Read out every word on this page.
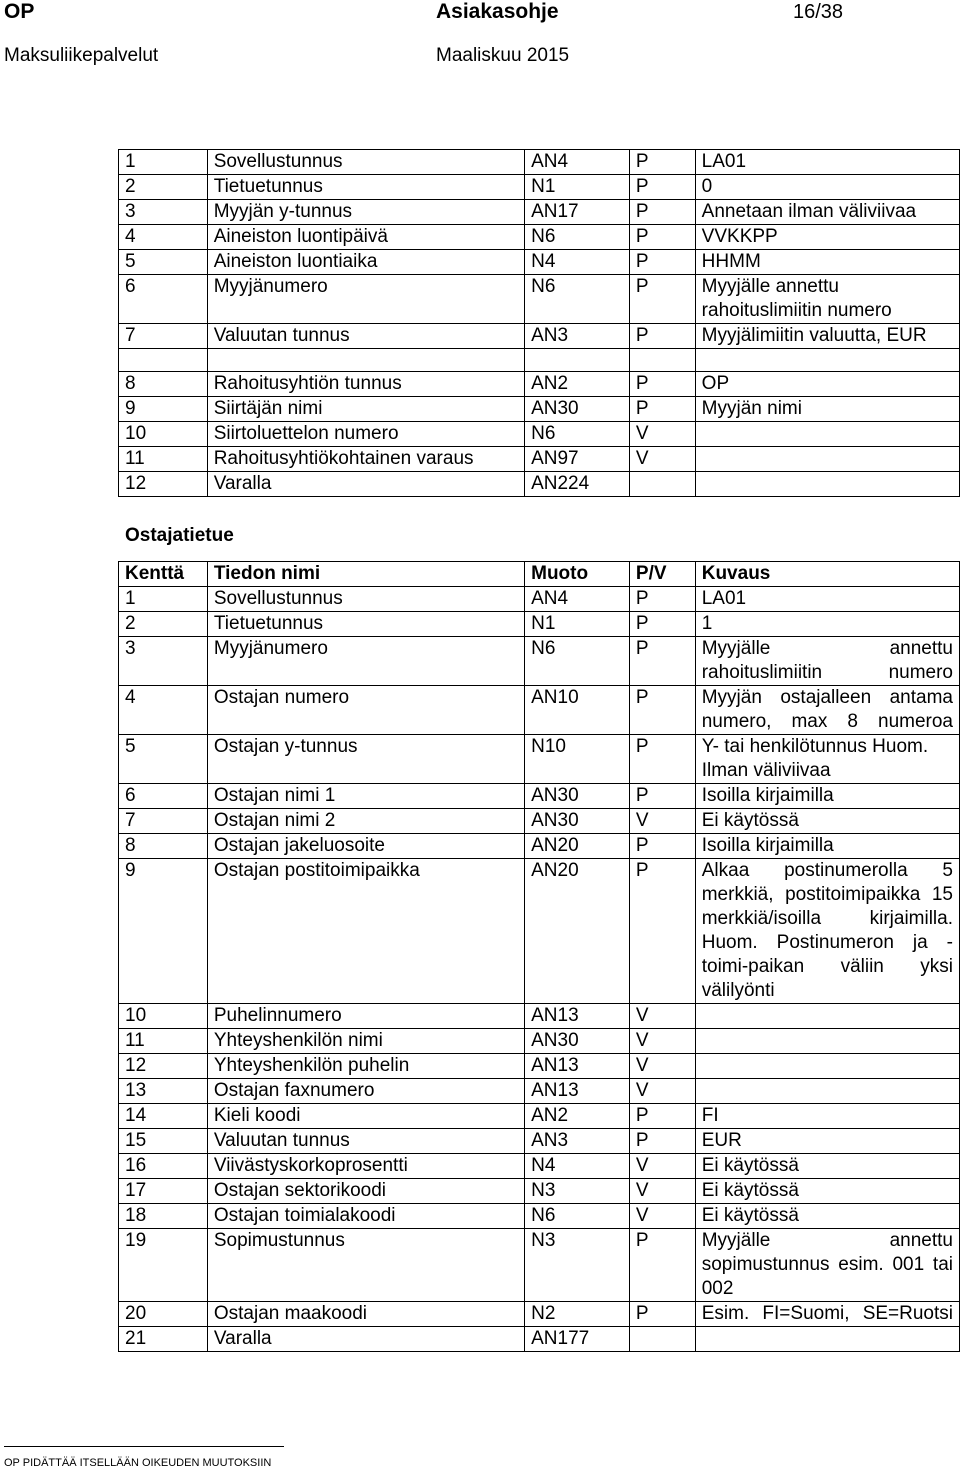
OP	Asiakasohje	16/38
Maksuliikepalvelut	Maaliskuu 2015
1	Sovellustunnus	AN4	P	LA01
2	Tietuetunnus	N1	P	0
3	Myyjän y-tunnus	AN17	P	Annetaan ilman väliviivaa
4	Aineiston luontipäivä	N6	P	VVKKPP
5	Aineiston luontiaika	N4	P	HHMM
6	Myyjänumero	N6	P	Myyjälle annettu rahoituslimiitin numero
7	Valuutan tunnus	AN3	P	Myyjälimiitin valuutta, EUR

8	Rahoitusyhtiön tunnus	AN2	P	OP
9	Siirtäjän nimi	AN30	P	Myyjän nimi
10	Siirtoluettelon numero	N6	V	
11	Rahoitusyhtiökohtainen varaus	AN97	V	
12	Varalla	AN224		
Ostajatietue
Kenttä	Tiedon nimi	Muoto	P/V	Kuvaus
1	Sovellustunnus	AN4	P	LA01
2	Tietuetunnus	N1	P	1
3	Myyjänumero	N6	P	Myyjälle annettu rahoituslimiitin numero
4	Ostajan numero	AN10	P	Myyjän ostajalleen antama numero, max 8 numeroa
5	Ostajan y-tunnus	N10	P	Y- tai henkilötunnus Huom. Ilman väliviivaa
6	Ostajan nimi 1	AN30	P	Isoilla kirjaimilla
7	Ostajan nimi 2	AN30	V	Ei käytössä
8	Ostajan jakeluosoite	AN20	P	Isoilla kirjaimilla
9	Ostajan postitoimipaikka	AN20	P	Alkaa postinumerolla 5 merkkiä, postitoimipaikka 15 merkkiä/isoilla kirjaimilla. Huom. Postinumeron ja -toimi-paikan väliin yksi välilyönti
10	Puhelinnumero	AN13	V	
11	Yhteyshenkilön nimi	AN30	V	
12	Yhteyshenkilön puhelin	AN13	V	
13	Ostajan faxnumero	AN13	V	
14	Kieli koodi	AN2	P	FI
15	Valuutan tunnus	AN3	P	EUR
16	Viivästyskorkoprosentti	N4	V	Ei käytössä
17	Ostajan sektorikoodi	N3	V	Ei käytössä
18	Ostajan toimialakoodi	N6	V	Ei käytössä
19	Sopimustunnus	N3	P	Myyjälle annettu sopimustunnus esim. 001 tai 002
20	Ostajan maakoodi	N2	P	Esim. FI=Suomi, SE=Ruotsi
21	Varalla	AN177		
OP PIDÄTTÄÄ ITSELLÄÄN OIKEUDEN MUUTOKSIIN
